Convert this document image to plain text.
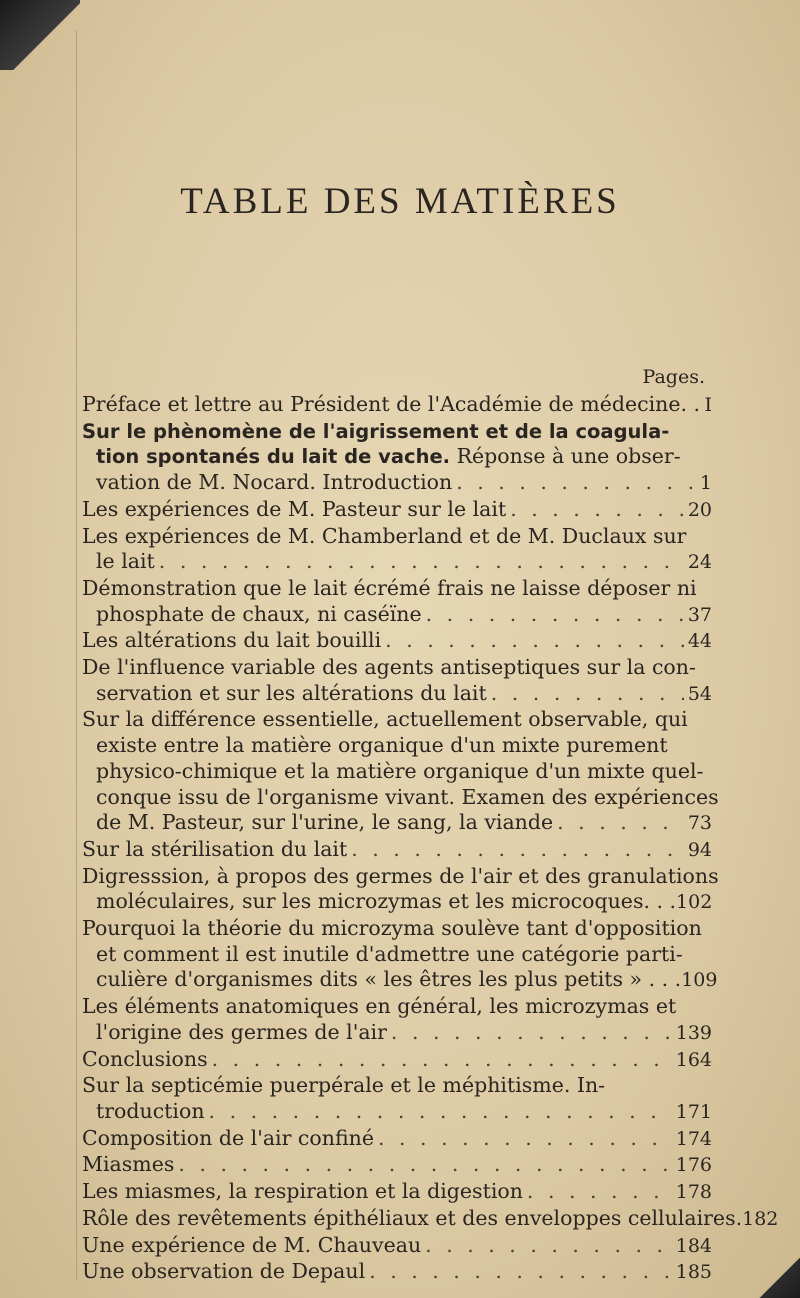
TABLE DES MATIÈRES
Pages.
Préface et lettre au Président de l'Académie de médecine. . I
Sur le phènomène de l'aigrissement et de la coagula-
tion spontanés du lait de vache. Réponse à une obser-
vation de M. Nocard. Introduction . . .	1
Les expériences de M. Pasteur sur le lait . . .	20
Les expériences de M. Chamberland et de M. Duclaux sur
le lait . . .	24
Démonstration que le lait écrémé frais ne laisse déposer ni
phosphate de chaux, ni caséïne . . .	37
Les altérations du lait bouilli . . .	44
De l'influence variable des agents antiseptiques sur la con-
servation et sur les altérations du lait . . .	54
Sur la différence essentielle, actuellement observable, qui
existe entre la matière organique d'un mixte purement
physico-chimique et la matière organique d'un mixte quel-
conque issu de l'organisme vivant. Examen des expériences
de M. Pasteur, sur l'urine, le sang, la viande . . .	73
Sur la stérilisation du lait . . .	94
Digresssion, à propos des germes de l'air et des granulations
moléculaires, sur les microzymas et les microcoques. . . 102
Pourquoi la théorie du microzyma soulève tant d'opposition
et comment il est inutile d'admettre une catégorie parti-
culière d'organismes dits « les êtres les plus petits » . . . 109
Les éléments anatomiques en général, les microzymas et
l'origine des germes de l'air . . .	139
Conclusions . . .	164
Sur la septicémie puerpérale et le méphitisme. In-
troduction . . .	171
Composition de l'air confiné . . .	174
Miasmes . . .	176
Les miasmes, la respiration et la digestion . . .	178
Rôle des revêtements épithéliaux et des enveloppes cellulaires. 182
Une expérience de M. Chauveau . . .	184
Une observation de Depaul . . .	185
